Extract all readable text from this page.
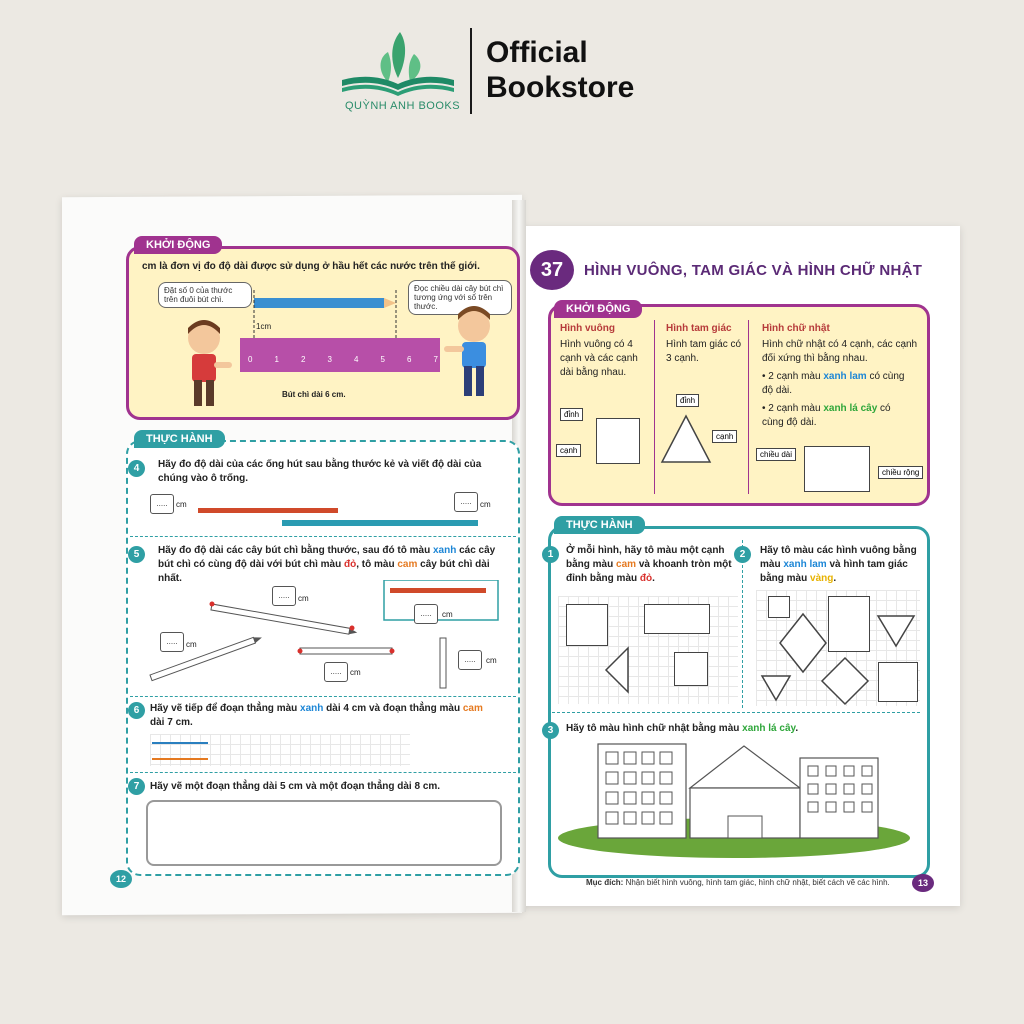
QUỲNH ANH BOOKS
Official
Bookstore
KHỞI ĐỘNG
cm là đơn vị đo độ dài được sử dụng ở hầu hết các nước trên thế giới.
Đặt số 0 của thước trên đuôi bút chì.
Đọc chiều dài cây bút chì tương ứng với số trên thước.
1cm
0	1	2	3	4	5	6	7
Bút chì dài 6 cm.
THỰC HÀNH
4	Hãy đo độ dài của các ống hút sau bằng thước kẻ và viết độ dài của chúng vào ô trống.
.....	cm	.....	cm
5	Hãy đo độ dài các cây bút chì bằng thước, sau đó tô màu xanh các cây bút chì có cùng độ dài với bút chì màu đỏ, tô màu cam cây bút chì dài nhất.
.....	cm
.....	cm
.....	cm
.....	cm
.....	cm
6	Hãy vẽ tiếp để đoạn thẳng màu xanh dài 4 cm và đoạn thẳng màu cam dài 7 cm.
7	Hãy vẽ một đoạn thẳng dài 5 cm và một đoạn thẳng dài 8 cm.
12
37	HÌNH VUÔNG, TAM GIÁC VÀ HÌNH CHỮ NHẬT
KHỞI ĐỘNG
Hình vuông
Hình vuông có 4 cạnh và các cạnh dài bằng nhau.
đỉnh
cạnh
Hình tam giác
Hình tam giác có 3 cạnh.
đỉnh
cạnh
Hình chữ nhật
Hình chữ nhật có 4 cạnh, các cạnh đối xứng thì bằng nhau.
• 2 cạnh màu xanh lam có cùng độ dài.
• 2 cạnh màu xanh lá cây có cùng độ dài.
chiều dài
chiều rộng
THỰC HÀNH
1	Ở mỗi hình, hãy tô màu một cạnh bằng màu cam và khoanh tròn một đỉnh bằng màu đỏ.
2	Hãy tô màu các hình vuông bằng màu xanh lam và hình tam giác bằng màu vàng.
3	Hãy tô màu hình chữ nhật bằng màu xanh lá cây.
Mục đích: Nhận biết hình vuông, hình tam giác, hình chữ nhật, biết cách vẽ các hình.	13
